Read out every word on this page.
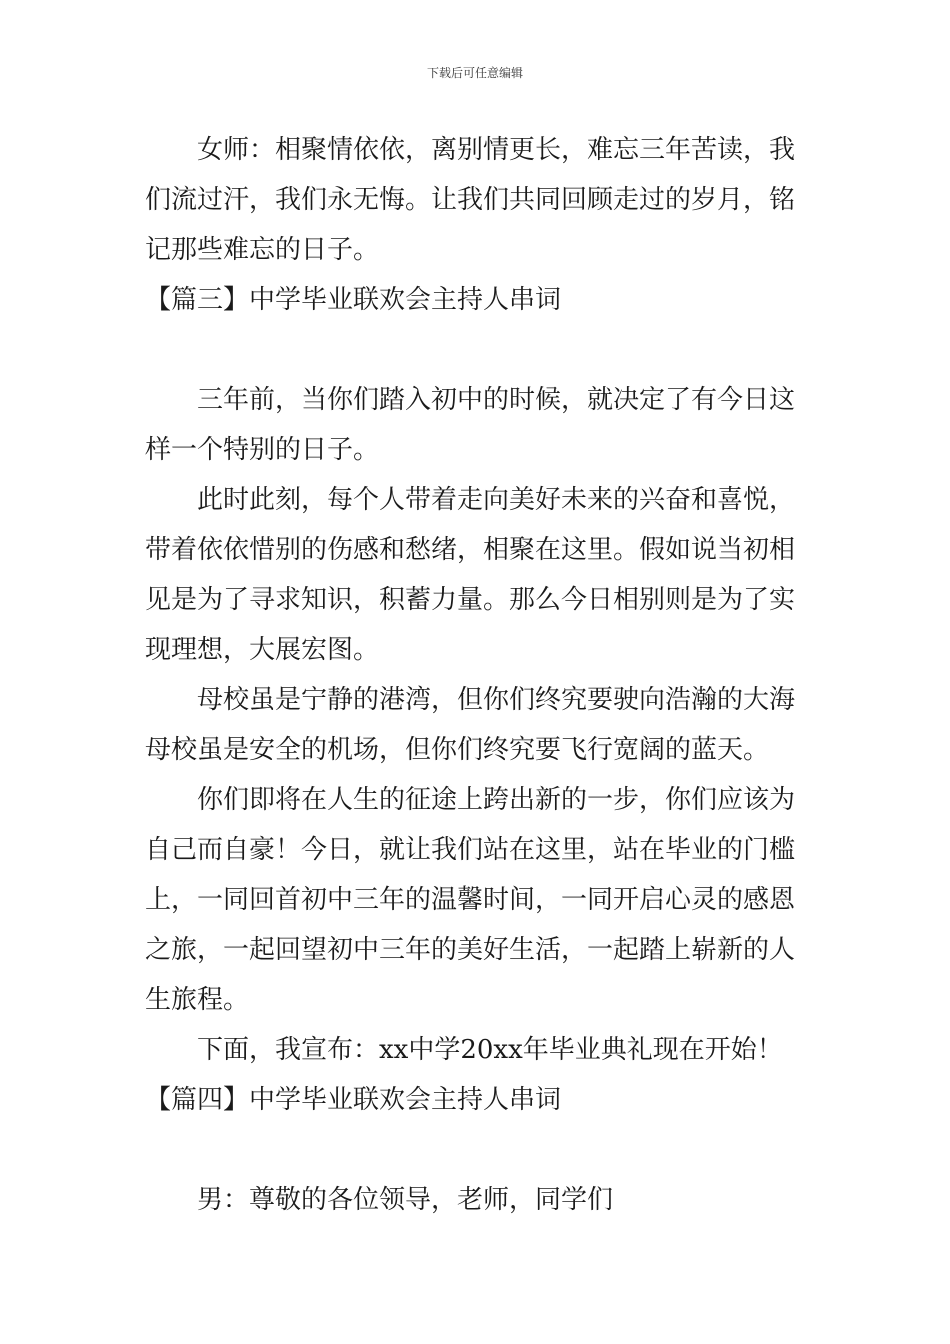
下载后可任意编辑
　　女师：相聚情依依，离别情更长，难忘三年苦读，我
们流过汗，我们永无悔。让我们共同回顾走过的岁月，铭
记那些难忘的日子。
【篇三】中学毕业联欢会主持人串词
　　三年前，当你们踏入初中的时候，就决定了有今日这
样一个特别的日子。
　　此时此刻，每个人带着走向美好未来的兴奋和喜悦，
带着依依惜别的伤感和愁绪，相聚在这里。假如说当初相
见是为了寻求知识，积蓄力量。那么今日相别则是为了实
现理想，大展宏图。
　　母校虽是宁静的港湾，但你们终究要驶向浩瀚的大海
母校虽是安全的机场，但你们终究要飞行宽阔的蓝天。
　　你们即将在人生的征途上跨出新的一步，你们应该为
自己而自豪！今日，就让我们站在这里，站在毕业的门槛
上，一同回首初中三年的温馨时间，一同开启心灵的感恩
之旅，一起回望初中三年的美好生活，一起踏上崭新的人
生旅程。
　　下面，我宣布：xx中学20xx年毕业典礼现在开始！
【篇四】中学毕业联欢会主持人串词
　　男：尊敬的各位领导，老师，同学们
